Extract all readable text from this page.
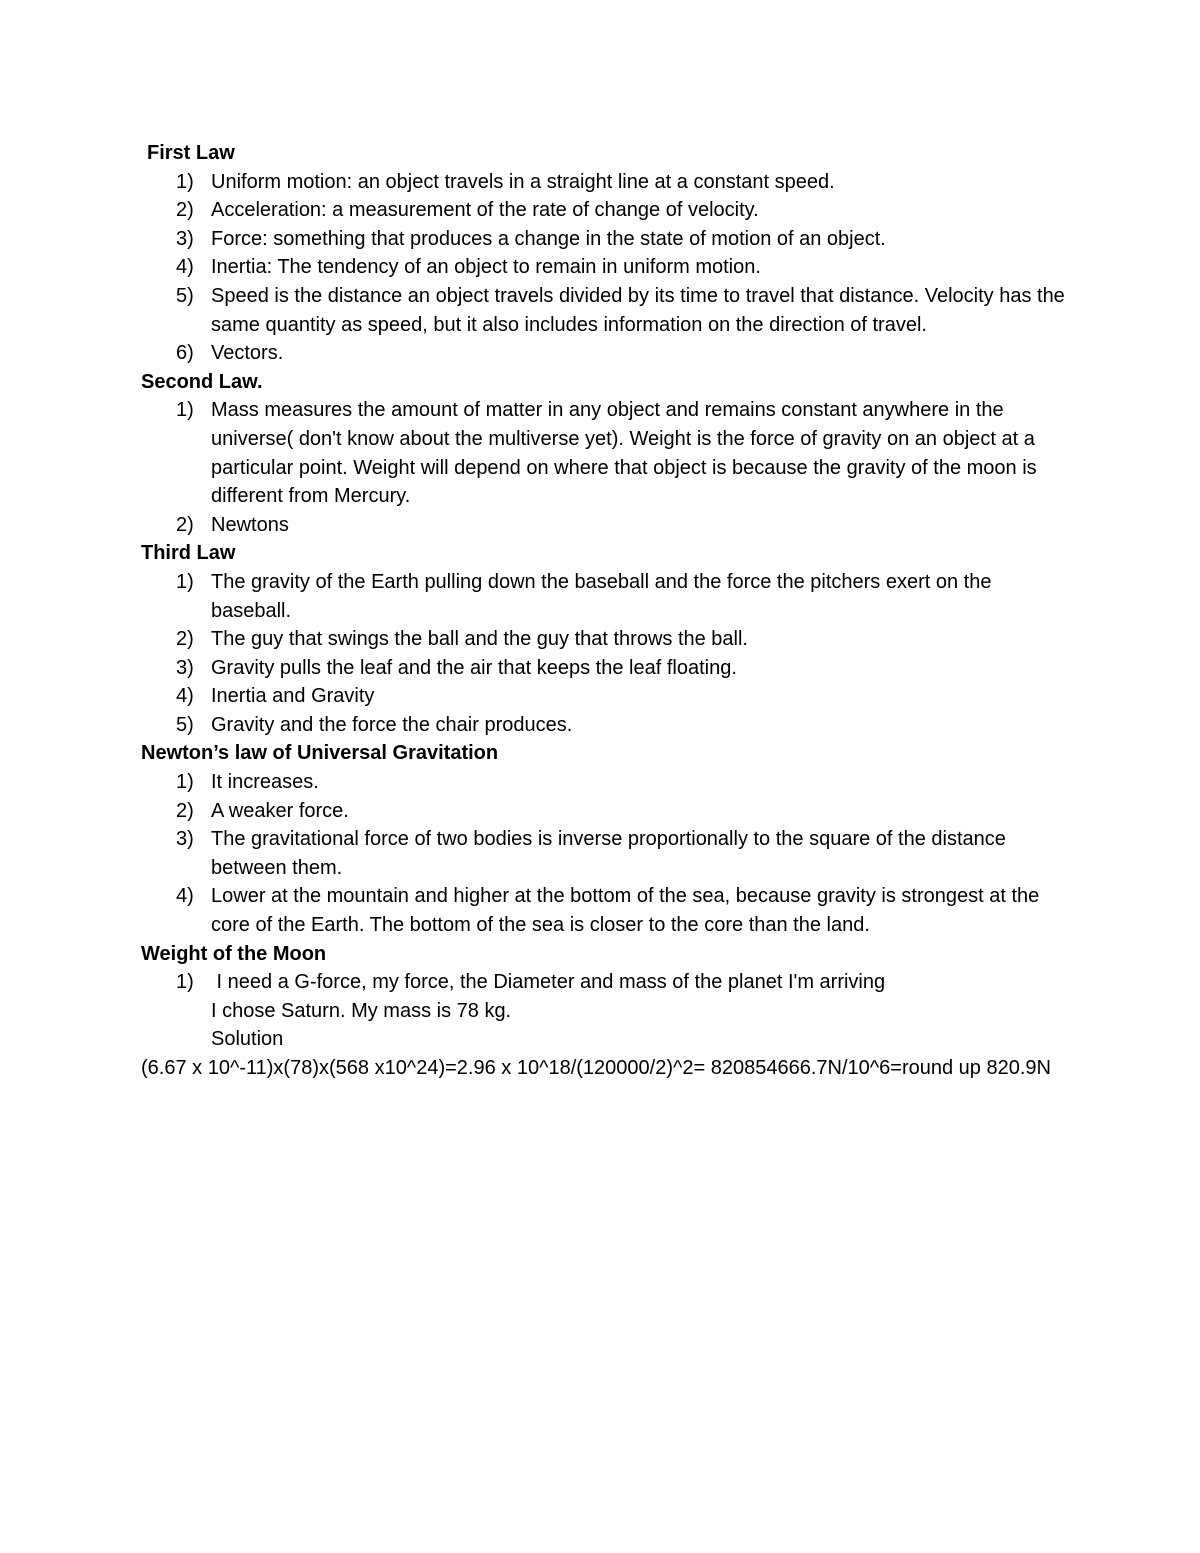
First Law

1) Uniform motion: an object travels in a straight line at a constant speed.
2) Acceleration: a measurement of the rate of change of velocity.
3) Force: something that produces a change in the state of motion of an object.
4) Inertia: The tendency of an object to remain in uniform motion.
5) Speed is the distance an object travels divided by its time to travel that distance. Velocity has the same quantity as speed, but it also includes information on the direction of travel.
6) Vectors.

Second Law.

1) Mass measures the amount of matter in any object and remains constant anywhere in the universe( don't know about the multiverse yet). Weight is the force of gravity on an object at a particular point. Weight will depend on where that object is because the gravity of the moon is different from Mercury.
2) Newtons

Third Law

1) The gravity of the Earth pulling down the baseball and the force the pitchers exert on the baseball.
2) The guy that swings the ball and the guy that throws the ball.
3) Gravity pulls the leaf and the air that keeps the leaf floating.
4) Inertia and Gravity
5) Gravity and the force the chair produces.

Newton’s law of Universal Gravitation

1) It increases.
2) A weaker force.
3) The gravitational force of two bodies is inverse proportionally to the square of the distance between them.
4) Lower at the mountain and higher at the bottom of the sea, because gravity is strongest at the core of the Earth. The bottom of the sea is closer to the core than the land.

Weight of the Moon

1) I need a G-force, my force, the Diameter and mass of the planet I'm arriving
I chose Saturn. My mass is 78 kg.
Solution

(6.67 x 10^-11)x(78)x(568 x10^24)=2.96 x 10^18/(120000/2)^2= 820854666.7N/10^6=round up 820.9N
